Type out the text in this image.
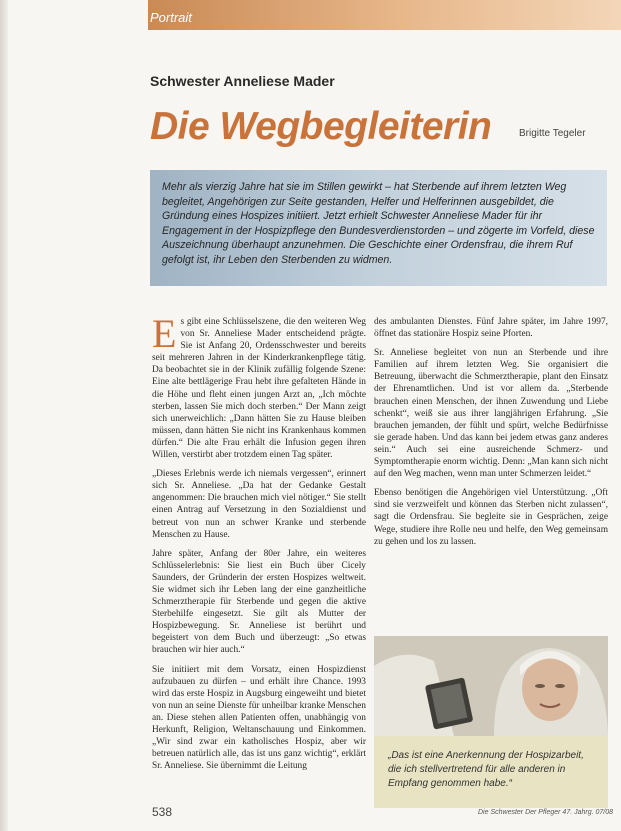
Portrait
Schwester Anneliese Mader
Die Wegbegleiterin	Brigitte Tegeler

Mehr als vierzig Jahre hat sie im Stillen gewirkt – hat Sterbende auf ihrem letzten Weg begleitet, Angehörigen zur Seite gestanden, Helfer und Helferinnen ausgebildet, die Gründung eines Hospizes initiiert. Jetzt erhielt Schwester Anneliese Mader für ihr Engagement in der Hospizpflege den Bundesverdienstorden – und zögerte im Vorfeld, diese Auszeichnung überhaupt anzunehmen. Die Geschichte einer Ordensfrau, die ihrem Ruf gefolgt ist, ihr Leben den Sterbenden zu widmen.

Es gibt eine Schlüsselszene, die den weiteren Weg von Sr. Anneliese Mader entscheidend prägte. Sie ist Anfang 20, Ordensschwester und bereits seit mehreren Jahren in der Kinderkrankenpflege tätig. Da beobachtet sie in der Klinik zufällig folgende Szene: Eine alte bettlägerige Frau hebt ihre gefalteten Hände in die Höhe und fleht einen jungen Arzt an, „Ich möchte sterben, lassen Sie mich doch sterben.“ Der Mann zeigt sich unerweichlich: „Dann hätten Sie zu Hause bleiben müssen, dann hätten Sie nicht ins Krankenhaus kommen dürfen.“ Die alte Frau erhält die Infusion gegen ihren Willen, verstirbt aber trotzdem einen Tag später.

„Dieses Erlebnis werde ich niemals vergessen“, erinnert sich Sr. Anneliese. „Da hat der Gedanke Gestalt angenommen: Die brauchen mich viel nötiger.“ Sie stellt einen Antrag auf Versetzung in den Sozialdienst und betreut von nun an schwer Kranke und sterbende Menschen zu Hause.

Jahre später, Anfang der 80er Jahre, ein weiteres Schlüsselerlebnis: Sie liest ein Buch über Cicely Saunders, der Gründerin der ersten Hospizes weltweit. Sie widmet sich ihr Leben lang der eine ganzheitliche Schmerztherapie für Sterbende und gegen die aktive Sterbehilfe eingesetzt. Sie gilt als Mutter der Hospizbewegung. Sr. Anneliese ist berührt und begeistert von dem Buch und überzeugt: „So etwas brauchen wir hier auch.“

Sie initiiert mit dem Vorsatz, einen Hospizdienst aufzubauen zu dürfen – und erhält ihre Chance. 1993 wird das erste Hospiz in Augsburg eingeweiht und bietet von nun an seine Dienste für unheilbar kranke Menschen an. Diese stehen allen Patienten offen, unabhängig von Herkunft, Religion, Weltanschauung und Einkommen. „Wir sind zwar ein katholisches Hospiz, aber wir betreuen natürlich alle, das ist uns ganz wichtig“, erklärt Sr. Anneliese. Sie übernimmt die Leitung

des ambulanten Dienstes. Fünf Jahre später, im Jahre 1997, öffnet das stationäre Hospiz seine Pforten.

Sr. Anneliese begleitet von nun an Sterbende und ihre Familien auf ihrem letzten Weg. Sie organisiert die Betreuung, überwacht die Schmerztherapie, plant den Einsatz der Ehrenamtlichen. Und ist vor allem da. „Sterbende brauchen einen Menschen, der ihnen Zuwendung und Liebe schenkt“, weiß sie aus ihrer langjährigen Erfahrung. „Sie brauchen jemanden, der fühlt und spürt, welche Bedürfnisse sie gerade haben. Und das kann bei jedem etwas ganz anderes sein.“ Auch sei eine ausreichende Schmerz- und Symptomtherapie enorm wichtig. Denn: „Man kann sich nicht auf den Weg machen, wenn man unter Schmerzen leidet.“

Ebenso benötigen die Angehörigen viel Unterstützung. „Oft sind sie verzweifelt und können das Sterben nicht zulassen“, sagt die Ordensfrau. Sie begleite sie in Gesprächen, zeige Wege, studiere ihre Rolle neu und helfe, den Weg gemeinsam zu gehen und los zu lassen.

„Das ist eine Anerkennung der Hospizarbeit, die ich stellvertretend für alle anderen in Empfang genommen habe.“

538	Die Schwester Der Pfleger 47. Jahrg. 07/08
